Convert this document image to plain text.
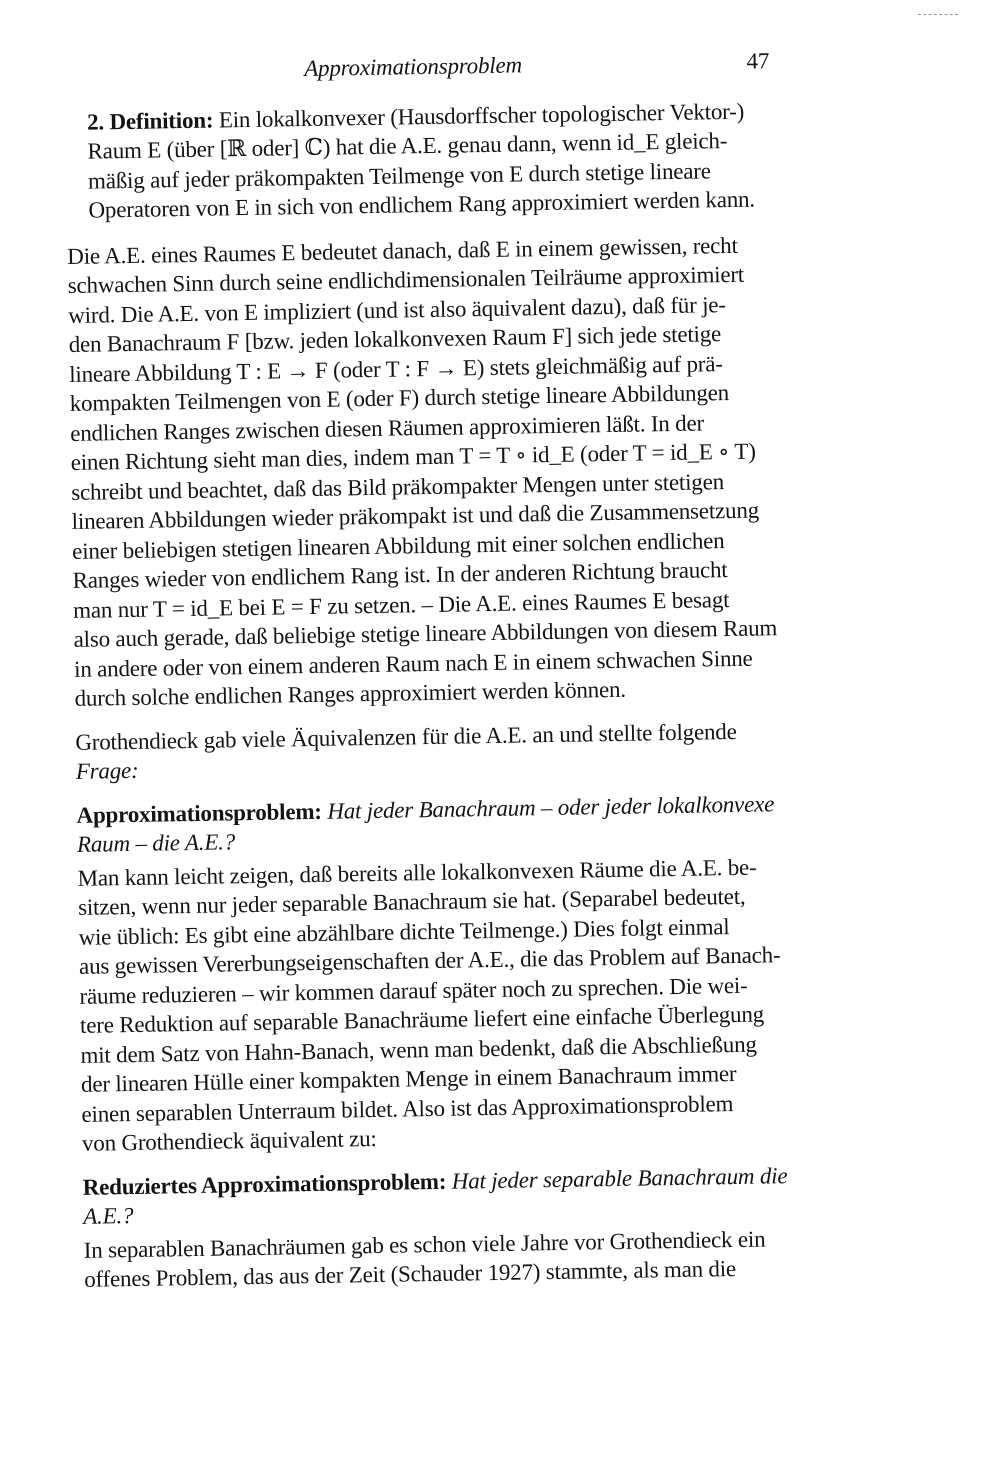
Approximationsproblem	47

2. Definition: Ein lokalkonvexer (Hausdorffscher topologischer Vektor-)
Raum E (über [ℝ oder] ℂ) hat die A.E. genau dann, wenn id_E gleich-
mäßig auf jeder präkompakten Teilmenge von E durch stetige lineare
Operatoren von E in sich von endlichem Rang approximiert werden kann.

Die A.E. eines Raumes E bedeutet danach, daß E in einem gewissen, recht
schwachen Sinn durch seine endlichdimensionalen Teilräume approximiert
wird. Die A.E. von E impliziert (und ist also äquivalent dazu), daß für je-
den Banachraum F [bzw. jeden lokalkonvexen Raum F] sich jede stetige
lineare Abbildung T : E → F (oder T : F → E) stets gleichmäßig auf prä-
kompakten Teilmengen von E (oder F) durch stetige lineare Abbildungen
endlichen Ranges zwischen diesen Räumen approximieren läßt. In der
einen Richtung sieht man dies, indem man T = T ∘ id_E (oder T = id_E ∘ T)
schreibt und beachtet, daß das Bild präkompakter Mengen unter stetigen
linearen Abbildungen wieder präkompakt ist und daß die Zusammensetzung
einer beliebigen stetigen linearen Abbildung mit einer solchen endlichen
Ranges wieder von endlichem Rang ist. In der anderen Richtung braucht
man nur T = id_E bei E = F zu setzen. – Die A.E. eines Raumes E besagt
also auch gerade, daß beliebige stetige lineare Abbildungen von diesem Raum
in andere oder von einem anderen Raum nach E in einem schwachen Sinne
durch solche endlichen Ranges approximiert werden können.

Grothendieck gab viele Äquivalenzen für die A.E. an und stellte folgende
Frage:

Approximationsproblem: Hat jeder Banachraum – oder jeder lokalkonvexe
Raum – die A.E.?

Man kann leicht zeigen, daß bereits alle lokalkonvexen Räume die A.E. be-
sitzen, wenn nur jeder separable Banachraum sie hat. (Separabel bedeutet,
wie üblich: Es gibt eine abzählbare dichte Teilmenge.) Dies folgt einmal
aus gewissen Vererbungseigenschaften der A.E., die das Problem auf Banach-
räume reduzieren – wir kommen darauf später noch zu sprechen. Die wei-
tere Reduktion auf separable Banachräume liefert eine einfache Überlegung
mit dem Satz von Hahn-Banach, wenn man bedenkt, daß die Abschließung
der linearen Hülle einer kompakten Menge in einem Banachraum immer
einen separablen Unterraum bildet. Also ist das Approximationsproblem
von Grothendieck äquivalent zu:

Reduziertes Approximationsproblem: Hat jeder separable Banachraum die
A.E.?

In separablen Banachräumen gab es schon viele Jahre vor Grothendieck ein
offenes Problem, das aus der Zeit (Schauder 1927) stammte, als man die
